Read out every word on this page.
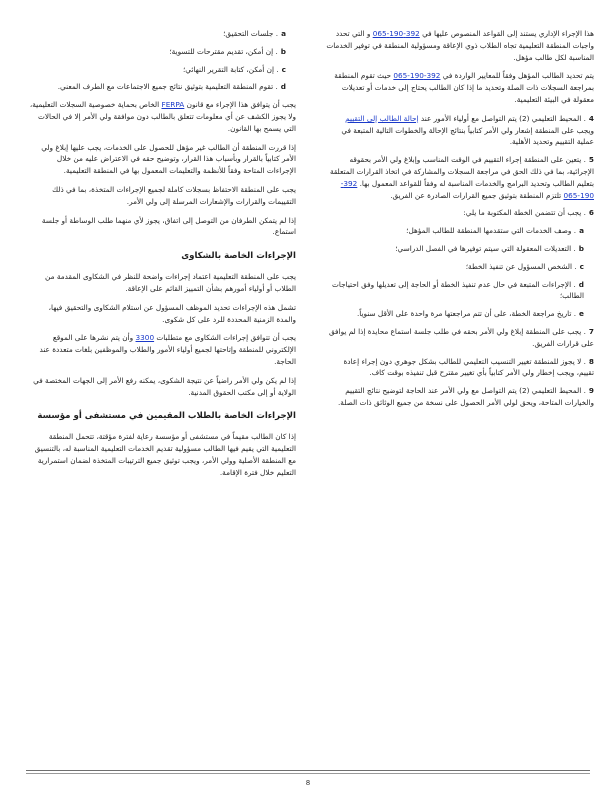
هذا الإجراء الإداري يستند إلى القواعد المنصوص عليها في 392-190-065 و التي تحدد واجبات المنطقة التعليمية تجاه الطلاب ذوي الإعاقة ومسؤولية المنطقة في توفير الخدمات المناسبة لكل طالب مؤهل.

يتم تحديد الطالب المؤهل وفقاً للمعايير الواردة في 392-190-065 حيث تقوم المنطقة بمراجعة السجلات ذات الصلة وتحديد ما إذا كان الطالب يحتاج إلى خدمات أو تعديلات معقولة في البيئة التعليمية.

4. المحيط التعليمي (2) يتم التواصل مع أولياء الأمور عند إحالة الطالب إلى التقييم ويجب على المنطقة إشعار ولي الأمر كتابياً بنتائج الإحالة والخطوات التالية المتبعة في عملية التقييم وتحديد الأهلية.
5. يتعين على المنطقة إجراء التقييم في الوقت المناسب وإبلاغ ولي الأمر بحقوقه الإجرائية، بما في ذلك الحق في مراجعة السجلات والمشاركة في اتخاذ القرارات المتعلقة بتعليم الطالب وتحديد البرامج والخدمات المناسبة له وفقاً للقواعد المعمول بها. 392-190-065 تلتزم المنطقة بتوثيق جميع القرارات الصادرة عن الفريق.
6. يجب أن تتضمن الخطة المكتوبة ما يلي:
a. وصف الخدمات التي ستقدمها المنطقة للطالب المؤهل؛
b. التعديلات المعقولة التي سيتم توفيرها في الفصل الدراسي؛
c. الشخص المسؤول عن تنفيذ الخطة؛
d. الإجراءات المتبعة في حال عدم تنفيذ الخطة أو الحاجة إلى تعديلها وفق احتياجات الطالب؛
e. تاريخ مراجعة الخطة، على أن تتم مراجعتها مرة واحدة على الأقل سنوياً.
7. يجب على المنطقة إبلاغ ولي الأمر بحقه في طلب جلسة استماع محايدة إذا لم يوافق على قرارات الفريق.
8. لا يجوز للمنطقة تغيير التنسيب التعليمي للطالب بشكل جوهري دون إجراء إعادة تقييم، ويجب إخطار ولي الأمر كتابياً بأي تغيير مقترح قبل تنفيذه بوقت كاف.
9. المحيط التعليمي (2) يتم التواصل مع ولي الأمر عند الحاجة لتوضيح نتائج التقييم والخيارات المتاحة، ويحق لولي الأمر الحصول على نسخة من جميع الوثائق ذات الصلة.
a. جلسات التحقيق؛
b. إن أمكن، تقديم مقترحات للتسوية؛
c. إن أمكن، كتابة التقرير النهائي؛
d. تقوم المنطقة التعليمية بتوثيق نتائج جميع الاجتماعات مع الطرف المعني.

يجب أن يتوافق هذا الإجراء مع قانون FERPA الخاص بحماية خصوصية السجلات التعليمية، ولا يجوز الكشف عن أي معلومات تتعلق بالطالب دون موافقة ولي الأمر إلا في الحالات التي يسمح بها القانون.

إذا قررت المنطقة أن الطالب غير مؤهل للحصول على الخدمات، يجب عليها إبلاغ ولي الأمر كتابياً بالقرار وبأسباب هذا القرار، وتوضيح حقه في الاعتراض عليه من خلال الإجراءات المتاحة وفقاً للأنظمة والتعليمات المعمول بها في المنطقة التعليمية.

يجب على المنطقة الاحتفاظ بسجلات كاملة لجميع الإجراءات المتخذة، بما في ذلك التقييمات والقرارات والإشعارات المرسلة إلى ولي الأمر.

إذا لم يتمكن الطرفان من التوصل إلى اتفاق، يجوز لأي منهما طلب الوساطة أو جلسة استماع.

الإجراءات الخاصة بالشكاوى

يجب على المنطقة التعليمية اعتماد إجراءات واضحة للنظر في الشكاوى المقدمة من الطلاب أو أولياء أمورهم بشأن التمييز القائم على الإعاقة.

تشمل هذه الإجراءات تحديد الموظف المسؤول عن استلام الشكاوى والتحقيق فيها، والمدة الزمنية المحددة للرد على كل شكوى.

يجب أن تتوافق إجراءات الشكاوى مع متطلبات 3300 وأن يتم نشرها على الموقع الإلكتروني للمنطقة وإتاحتها لجميع أولياء الأمور والطلاب والموظفين بلغات متعددة عند الحاجة.

إذا لم يكن ولي الأمر راضياً عن نتيجة الشكوى، يمكنه رفع الأمر إلى الجهات المختصة في الولاية أو إلى مكتب الحقوق المدنية.

الإجراءات الخاصة بالطلاب المقيمين في مستشفى أو مؤسسة

إذا كان الطالب مقيماً في مستشفى أو مؤسسة رعاية لفترة مؤقتة، تتحمل المنطقة التعليمية التي يقيم فيها الطالب مسؤولية تقديم الخدمات التعليمية المناسبة له، بالتنسيق مع المنطقة الأصلية وولي الأمر، ويجب توثيق جميع الترتيبات المتخذة لضمان استمرارية التعليم خلال فترة الإقامة.

8
